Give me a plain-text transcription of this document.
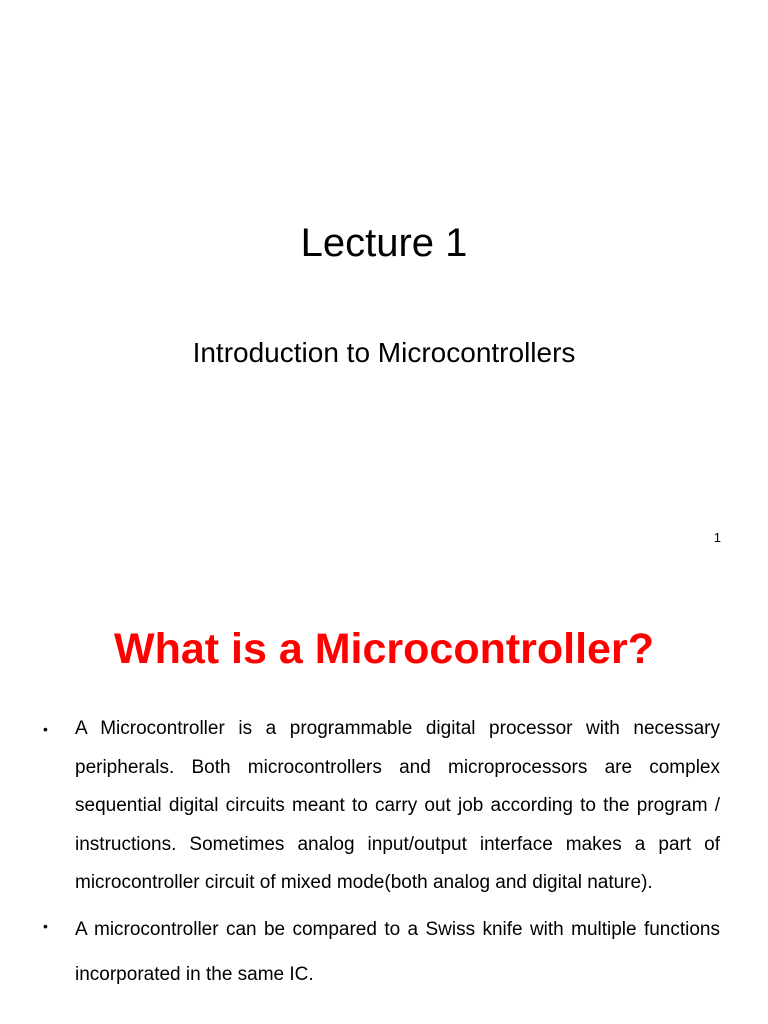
Lecture 1
Introduction to Microcontrollers
1
What is a Microcontroller?
• A Microcontroller is a programmable digital processor with necessary peripherals. Both microcontrollers and microprocessors are complex sequential digital circuits meant to carry out job according to the program / instructions. Sometimes analog input/output interface makes a part of microcontroller circuit of mixed mode(both analog and digital nature).
• A microcontroller can be compared to a Swiss knife with multiple functions incorporated in the same IC.
